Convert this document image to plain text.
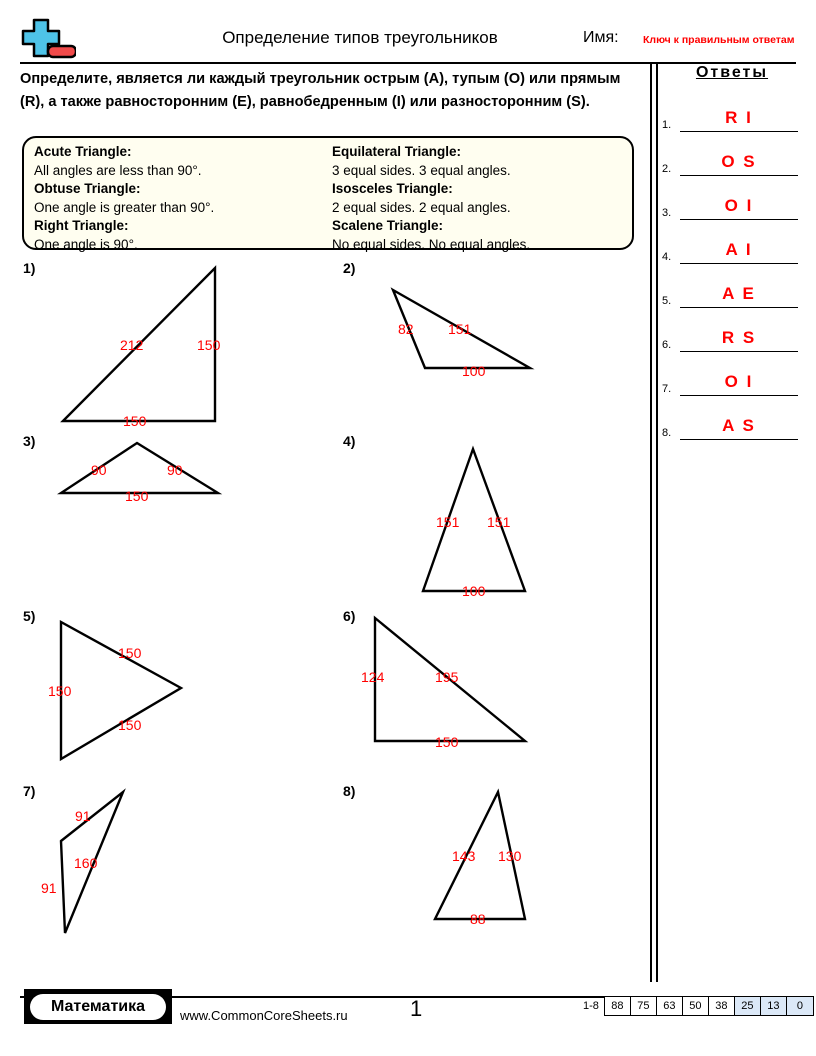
Определение типов треугольников	Имя: Ключ к правильным ответам
Определите, является ли каждый треугольник острым (A), тупым (O) или прямым (R), а также равносторонним (E), равнобедренным (I) или разносторонним (S).
Acute Triangle:
All angles are less than 90°.
Obtuse Triangle:
One angle is greater than 90°.
Right Triangle:
One angle is 90°.
Equilateral Triangle:
3 equal sides. 3 equal angles.
Isosceles Triangle:
2 equal sides. 2 equal angles.
Scalene Triangle:
No equal sides. No equal angles.
1)
212	150
150
2)
82 151
100
3)
90	90
150
4)
151 151
100
5)
150
150
150
6)
124	195
150
7)
91
160
91
8)
143 130
88
Ответы
1.	R I
2.	O S
3.	O I
4.	A I
5.	A E
6.	R S
7.	O I
8.	A S
Математика
www.CommonCoreSheets.ru	1	1-8	88	75	63	50	38	25	13	0
